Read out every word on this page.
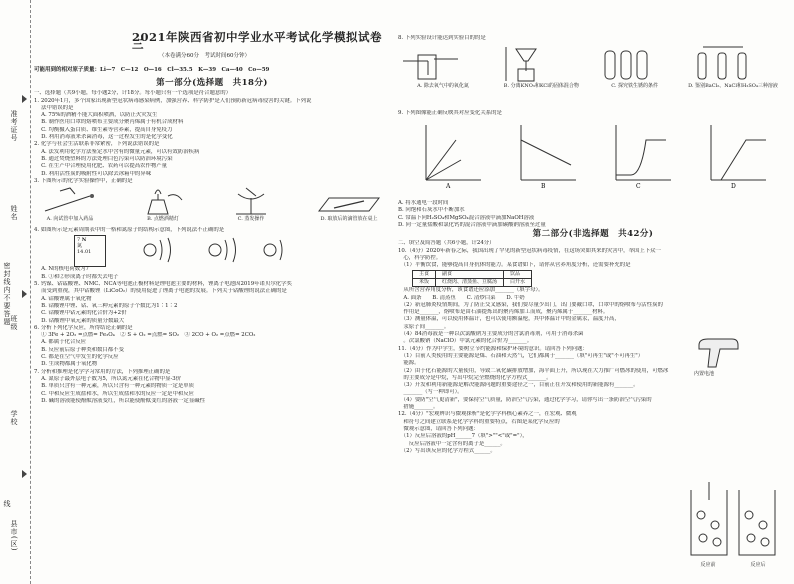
准考证号
姓名
密封线内不要答题 班级
学校
线
县市(区)
2021年陕西省初中学业水平考试化学模拟试卷三
（本卷满分60分　考试时间60分钟）
可能用到的相对原子质量：Li—7　C—12　O—16　Cl—35.5　K—39　Ca—40　Co—59
第一部分(选择题　共18分)

一、选择题（共9小题，每小题2分，计18分。每小题只有一个选项是符合题意的）

1. 2020年1月，多个国家出现新型冠状病毒感染病例，加强营养、科学防护是人们预防新冠病毒侵害的关键。下列说

　 法中错误的是

　 A. 75%的酒精不能大面积喷洒，以防止火灾发生

　 B. 制作医用口罩的熔喷布主要成分聚丙烯属于有机合成材料

　 C. 均衡摄入蛋白质、维生素等营养素，提高自身免疫力

　 D. 利用消毒液来杀菌消毒，这一过程发生的是化学变化

2. 化学与社会生活联系非常紧密，下列说法错误的是

　 A. 法发利用化学方法鉴定水中含有的微量元素，可以有效防治疾病

　 B. 通过焚烧塑料的方法处理白色污染可以防治环境污染

　 C. 在生产中合理使用化肥、农药可以提高农作物产量

　 D. 利用活性炭的吸附性可以除去冰箱中的异味

3. 下图所示的化学实验操作中，正确的是

A. 向试管中加入药品	B. 点燃酒精灯	C. 蒸发操作	D. 取放后的滴管放在桌上

4. 如图所示是元素周期表中的一格和氮原子的结构示意图，下列说法不正确的是

7 N
氮
14.01

　 A. N的核电荷数为7

　 B. ①和②形成离子时都失去电子

5. 钙镍、钴锰酸锂、NMC、NCA等电池正极材料是锂电池主要的材料，锂离子电池因2019年诺贝尔化学奖

　 而受到重视，其中钴酸锂（LiCoO₂）的使用促进了锂离子电池的发展。下列关于钴酸锂的说法正确的是

　 A. 钴酸锂属于氧化物

　 B. 钴酸锂中锂、钴、氧三种元素的原子个数比为1∶1∶2

　 C. 钴酸锂中钴元素的化合价为+2价

　 D. 钴酸锂中氧元素的质量分数最大

6. 分析下列化学反应，所得结论正确的是

　 ① 3Fe + 2O₂ =点燃= Fe₃O₄　② S + O₂ =点燃= SO₂　③ 2CO + O₂ =点燃= 2CO₂

　 A. 都属于化合反应

　 B. 反应前后原子种类和数目都不变

　 C. 都是在空气中发生的化学反应

　 D. 生成物都属于氧化物

7. 分析和推理是化学学习常用的方法，下列推理正确的是

　 A. 氮原子最外层电子数为5，所以氮元素在化合物中显-3价

　 B. 单质只含有一种元素，所以只含有一种元素的物质一定是单质

　 C. 中和反应生成盐和水，所以生成盐和水的反应一定是中和反应

　 D. 碱的溶液能使酚酞溶液变红，所以能使酚酞变红的溶液一定显碱性

8. 下列实验设计能达到实验目的的是

A. 除去氧气中的氧化氮	B. 分离KNO₃和KCl的固体混合物	C. 探究铁生锈的条件	D. 鉴别BaCl₂、NaCl和H₂SO₄三种溶液

9. 下列图像能正确反映其对应变化关系的是

A	B	C	D

A. 将水通电一段时间

B. 向饱和石灰水中不断加水

C. 常温下向H₂SO₄和MgSO₄混合溶液中滴加NaOH溶液

D. 向一定量盐酸和氯化钙的混合溶液中滴加碳酸钠溶液至过量

第二部分(非选择题　共42分)

二、填空及简答题（共6小题，计24分）

10.（4分）2020年新春之际，我国出现了罕见的新型冠状病毒疫情，在这场突如其来的灾害中，举国上下众一

　心，科学防控。

　（1）平衡饮食，能够提高自身抗体的能力。某食谱如下，请你从营养角度分析，还需要补充的是

主食	副食	饮品
米饭	红烧肉、清蒸鱼、豆腐汤	白开水

　从所含营养角度分析，该食谱还应添加_______（填字母）。

　A. 面条　　B. 清蒸鱼　　C. 清炒白菜　　D. 牛奶

　（2）新冠肺炎疫情期间，为了防止交叉感染，我们要尽量少出门，出门要戴口罩，口罩中的熔喷布与活性炭的

　作用是_______，熔喷布是由石油提炼出的聚丙烯加工而成，聚丙烯属于_______材料。

　（3）测量体温，可以使用体温计，也可以使用额温枪，其中体温计中的金属汞，温度升高，

　汞原子间_______。

　（4）84消毒液是一种以次氯酸钠为主要成分的含氯消毒剂，可用于消毒杀菌

　。次氯酸钠（NaClO）中氯元素的化合价为_______。

11.（4分）作为中学生，要树立节约能源和保护环境的意识。请回答下列问题：

　（1）目前人类使用的主要能源是煤、石油和天然气，它们都属于_______（填"可再生"或"不可再生"）

　能源。

　（2）由于化石能源的大量使用，导致二氧化碳排放增加，海平面上升，所以现在大力推广可燃冰的使用，可燃冰

　的主要成分是甲烷，写出甲烷完全燃烧的化学方程式_______。

　（3）开发和利用新能源是解决能源问题的重要途径之一，目前正在开发和使用的新能源有_______。

　_______（写一种即可）。

　（4）要防"空气更清新"，要保持空气质量，防治空气污染，通过化学学习，请你写出一条防治空气污染的

　措施_______。

12.（4分）"宏观辨识与微观探析"是化学学科核心素养之一，在宏观、微观

　和符号之间建立联系是化学学科的重要特点，右图是某化学反应的

　微观示意图，请回答下列问题：

　（1）反应后溶液的pH______7（填">""<"或"="），

　　反应后溶液中一定含有的离子是______。

　（2）写出该反应的化学方程式______。

内置电池
反应前	反应后
